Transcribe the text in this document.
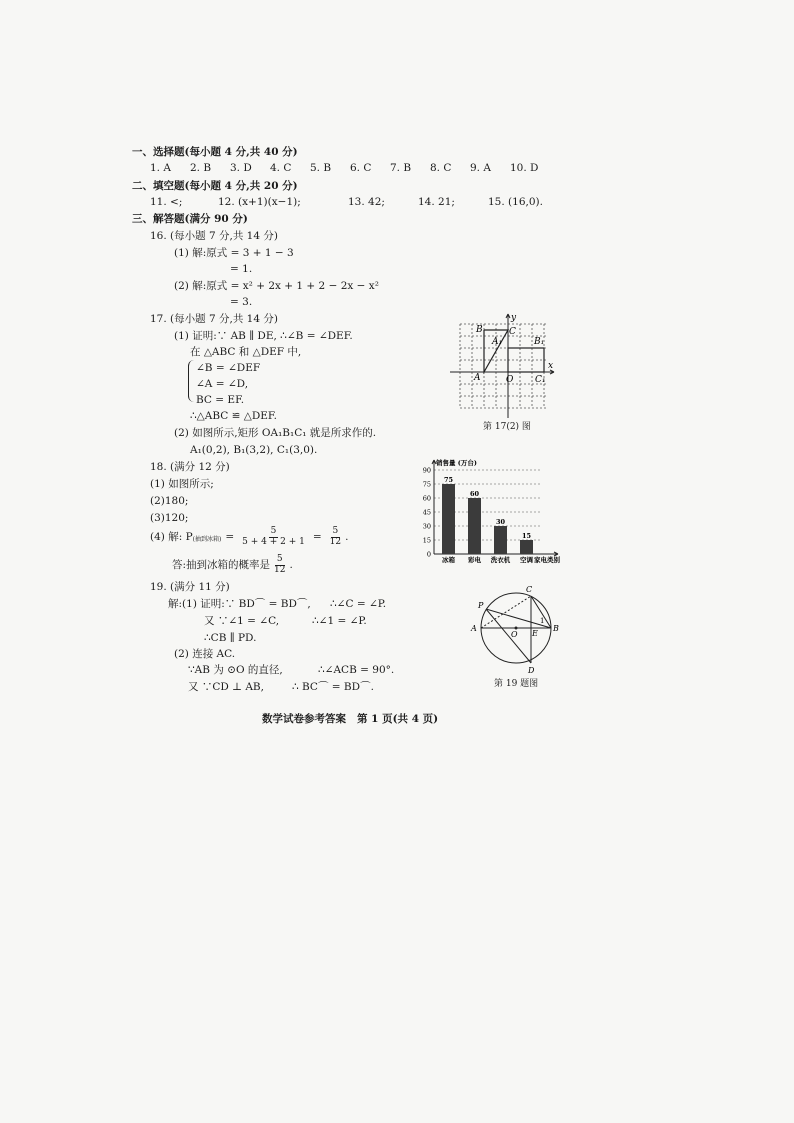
一、选择题(每小题 4 分,共 40 分)
1. A	2. B	3. D	4. C	5. B	6. C	7. B	8. C	9. A	10. D
二、填空题(每小题 4 分,共 20 分)
11. <;	12. (x+1)(x−1);	13. 42;	14. 21;	15. (16,0).
三、解答题(满分 90 分)
16. (每小题 7 分,共 14 分)
(1) 解:原式 = 3 + 1 − 3
= 1.
(2) 解:原式 = x² + 2x + 1 + 2 − 2x − x²
= 3.
17. (每小题 7 分,共 14 分)
(1) 证明:∵ AB ∥ DE, ∴∠B = ∠DEF.
在 △ABC 和 △DEF 中,
∠B = ∠DEF
∠A = ∠D,
BC = EF.
∴△ABC ≌ △DEF.
(2) 如图所示,矩形 OA₁B₁C₁ 就是所求作的.
A₁(0,2), B₁(3,2), C₁(3,0).
B
A₁
C
B₁
A	O C₁
x
y
第 17(2) 图
18. (满分 12 分)
(1) 如图所示;
(2)180;
(3)120;
(4) 解: P (抽到冰箱) = $\frac{5}{5 + 4 + 2 + 1} = \frac{5}{12}$ .
答:抽到冰箱的概率是 $\frac{5}{12}$ .
0
15
30
45
60
75
90
销售量 (万台)
75
冰箱
60
彩电
30
洗衣机
15
空调 家电类别
19. (满分 11 分)
解:(1) 证明:∵ BD⌒ = BD⌒, ∴∠C = ∠P.
又 ∵∠1 = ∠C,	∴∠1 = ∠P.
∴CB ∥ PD.
(2) 连接 AC.
∵AB 为 ⊙O 的直径,	∴∠ACB = 90°.
又 ∵CD ⊥ AB,	∴ BC⌒ = BD⌒.
C
P
A
O E
1
B
D
第 19 题图
数学试卷参考答案   第 1 页(共 4 页)
